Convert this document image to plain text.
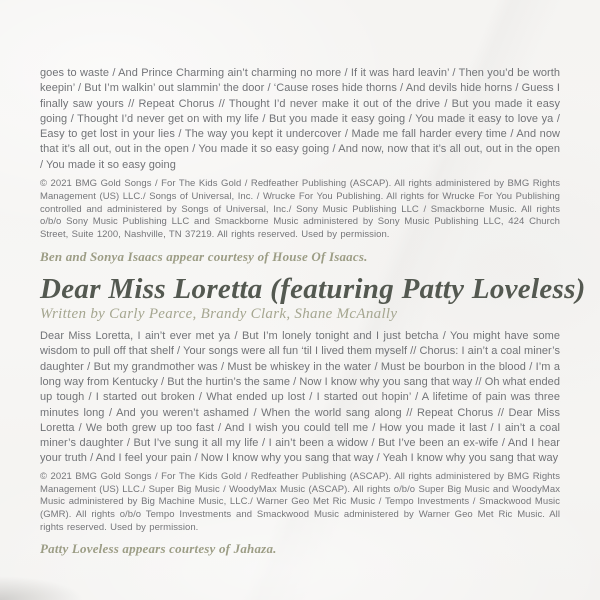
goes to waste / And Prince Charming ain’t charming no more / If it was hard leavin’ / Then you’d be worth keepin’ / But I’m walkin’ out slammin’ the door / ‘Cause roses hide thorns / And devils hide horns / Guess I finally saw yours // Repeat Chorus // Thought I’d never make it out of the drive / But you made it easy going / Thought I’d never get on with my life / But you made it easy going / You made it easy to love ya / Easy to get lost in your lies / The way you kept it undercover / Made me fall harder every time / And now that it’s all out, out in the open / You made it so easy going / And now, now that it’s all out, out in the open / You made it so easy going

© 2021 BMG Gold Songs / For The Kids Gold / Redfeather Publishing (ASCAP). All rights administered by BMG Rights Management (US) LLC./ Songs of Universal, Inc. / Wrucke For You Publishing. All rights for Wrucke For You Publishing controlled and administered by Songs of Universal, Inc./ Sony Music Publishing LLC / Smackborne Music. All rights o/b/o Sony Music Publishing LLC and Smackborne Music administered by Sony Music Publishing LLC, 424 Church Street, Suite 1200, Nashville, TN 37219. All rights reserved. Used by permission.

Ben and Sonya Isaacs appear courtesy of House Of Isaacs.

Dear Miss Loretta (featuring Patty Loveless)
Written by Carly Pearce, Brandy Clark, Shane McAnally

Dear Miss Loretta, I ain’t ever met ya / But I’m lonely tonight and I just betcha / You might have some wisdom to pull off that shelf / Your songs were all fun ‘til I lived them myself // Chorus: I ain’t a coal miner’s daughter / But my grandmother was / Must be whiskey in the water / Must be bourbon in the blood / I’m a long way from Kentucky / But the hurtin’s the same / Now I know why you sang that way // Oh what ended up tough / I started out broken / What ended up lost / I started out hopin’ / A lifetime of pain was three minutes long / And you weren’t ashamed / When the world sang along // Repeat Chorus // Dear Miss Loretta / We both grew up too fast / And I wish you could tell me / How you made it last / I ain’t a coal miner’s daughter / But I’ve sung it all my life / I ain’t been a widow / But I’ve been an ex-wife / And I hear your truth / And I feel your pain / Now I know why you sang that way / Yeah I know why you sang that way

© 2021 BMG Gold Songs / For The Kids Gold / Redfeather Publishing (ASCAP). All rights administered by BMG Rights Management (US) LLC./ Super Big Music / WoodyMax Music (ASCAP). All rights o/b/o Super Big Music and WoodyMax Music administered by Big Machine Music, LLC./ Warner Geo Met Ric Music / Tempo Investments / Smackwood Music (GMR). All rights o/b/o Tempo Investments and Smackwood Music administered by Warner Geo Met Ric Music. All rights reserved. Used by permission.

Patty Loveless appears courtesy of Jahaza.
